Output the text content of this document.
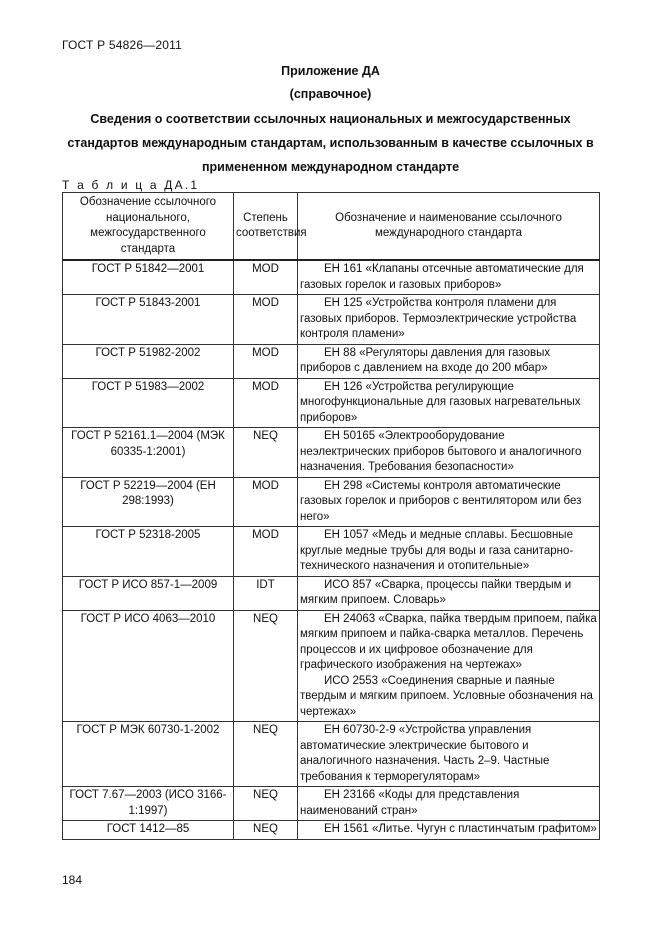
ГОСТ Р 54826—2011
Приложение ДА
(справочное)
Сведения о соответствии ссылочных национальных и межгосударственных стандартов международным стандартам, использованным в качестве ссылочных в примененном международном стандарте
Т а б л и ц а ДА.1
Обозначение ссылочного национального, межгосударственного стандарта	Степень соответствия	Обозначение и наименование ссылочного международного стандарта
ГОСТ Р 51842—2001	MOD	ЕН 161 «Клапаны отсечные автоматические для газовых горелок и газовых приборов»

ГОСТ Р 51843-2001	MOD	ЕН 125 «Устройства контроля пламени для газовых приборов. Термоэлектрические устройства контроля пламени»

ГОСТ Р 51982-2002	MOD	ЕН 88 «Регуляторы давления для газовых приборов с давлением на входе до 200 мбар»

ГОСТ Р 51983—2002	MOD	ЕН 126 «Устройства регулирующие многофункциональные для газовых нагревательных приборов»

ГОСТ Р 52161.1—2004 (МЭК 60335-1:2001)	NEQ	ЕН 50165 «Электрооборудование неэлектрических приборов бытового и аналогичного назначения. Требования безопасности»

ГОСТ Р 52219—2004 (ЕН 298:1993)	MOD	ЕН 298 «Системы контроля автоматические газовых горелок и приборов с вентилятором или без него»

ГОСТ Р 52318-2005	MOD	ЕН 1057 «Медь и медные сплавы. Бесшовные круглые медные трубы для воды и газа санитарно-технического назначения и отопительные»

ГОСТ Р ИСО 857-1—2009	IDT	ИСО 857 «Сварка, процессы пайки твердым и мягким припоем. Словарь»

ГОСТ Р ИСО 4063—2010	NEQ	ЕН 24063 «Сварка, пайка твердым припоем, пайка мягким припоем и пайка-сварка металлов. Перечень процессов и их цифровое обозначение для графического изображения на чертежах»
ИСО 2553 «Соединения сварные и паяные твердым и мягким припоем. Условные обозначения на чертежах»

ГОСТ Р МЭК 60730-1-2002	NEQ	ЕН 60730-2-9 «Устройства управления автоматические электрические бытового и аналогичного назначения. Часть 2–9. Частные требования к терморегуляторам»

ГОСТ 7.67—2003 (ИСО 3166-1:1997)	NEQ	ЕН 23166 «Коды для представления наименований стран»

ГОСТ 1412—85	NEQ	ЕН 1561 «Литье. Чугун с пластинчатым графитом»
184
